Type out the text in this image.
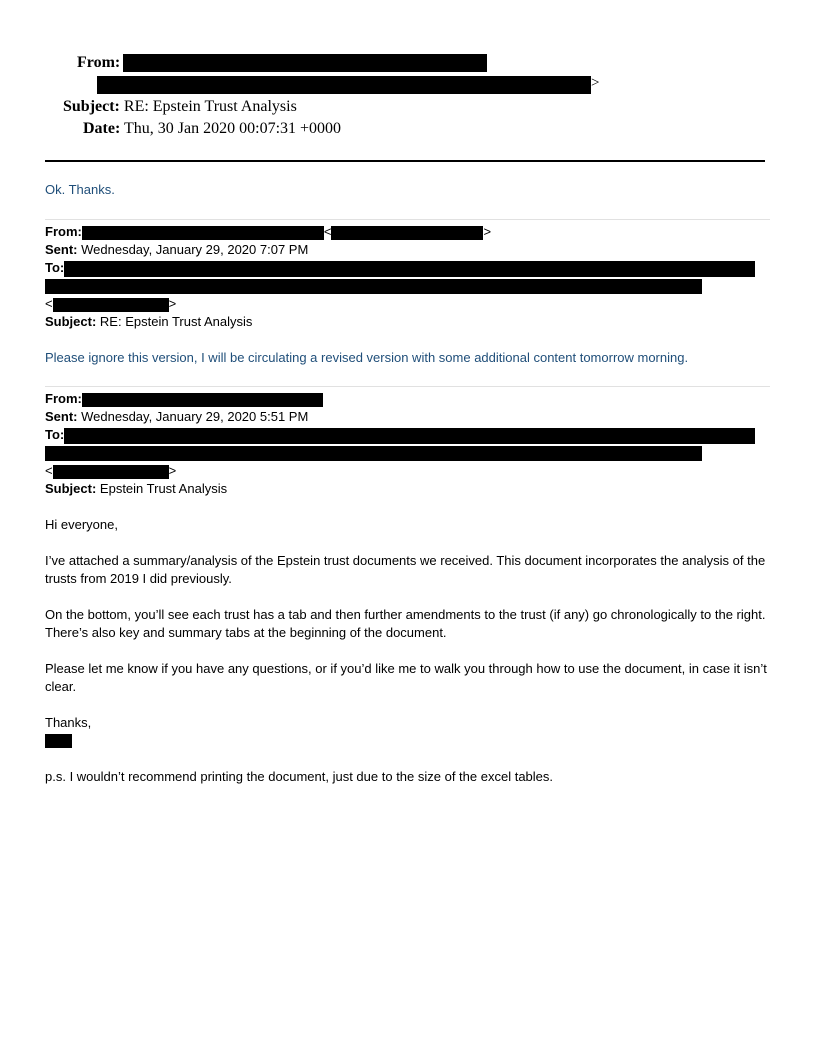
From:
>
Subject: RE: Epstein Trust Analysis
Date: Thu, 30 Jan 2020 00:07:31 +0000
Ok. Thanks.
From:	<	>
Sent: Wednesday, January 29, 2020 7:07 PM
To:
<	>
Subject: RE: Epstein Trust Analysis
Please ignore this version, I will be circulating a revised version with some additional content tomorrow morning.
From:
Sent: Wednesday, January 29, 2020 5:51 PM
To:
<	>
Subject: Epstein Trust Analysis
Hi everyone,
I’ve attached a summary/analysis of the Epstein trust documents we received. This document incorporates the analysis of the trusts from 2019 I did previously.
On the bottom, you’ll see each trust has a tab and then further amendments to the trust (if any) go chronologically to the right. There’s also key and summary tabs at the beginning of the document.
Please let me know if you have any questions, or if you’d like me to walk you through how to use the document, in case it isn’t clear.
Thanks,
p.s. I wouldn’t recommend printing the document, just due to the size of the excel tables.
